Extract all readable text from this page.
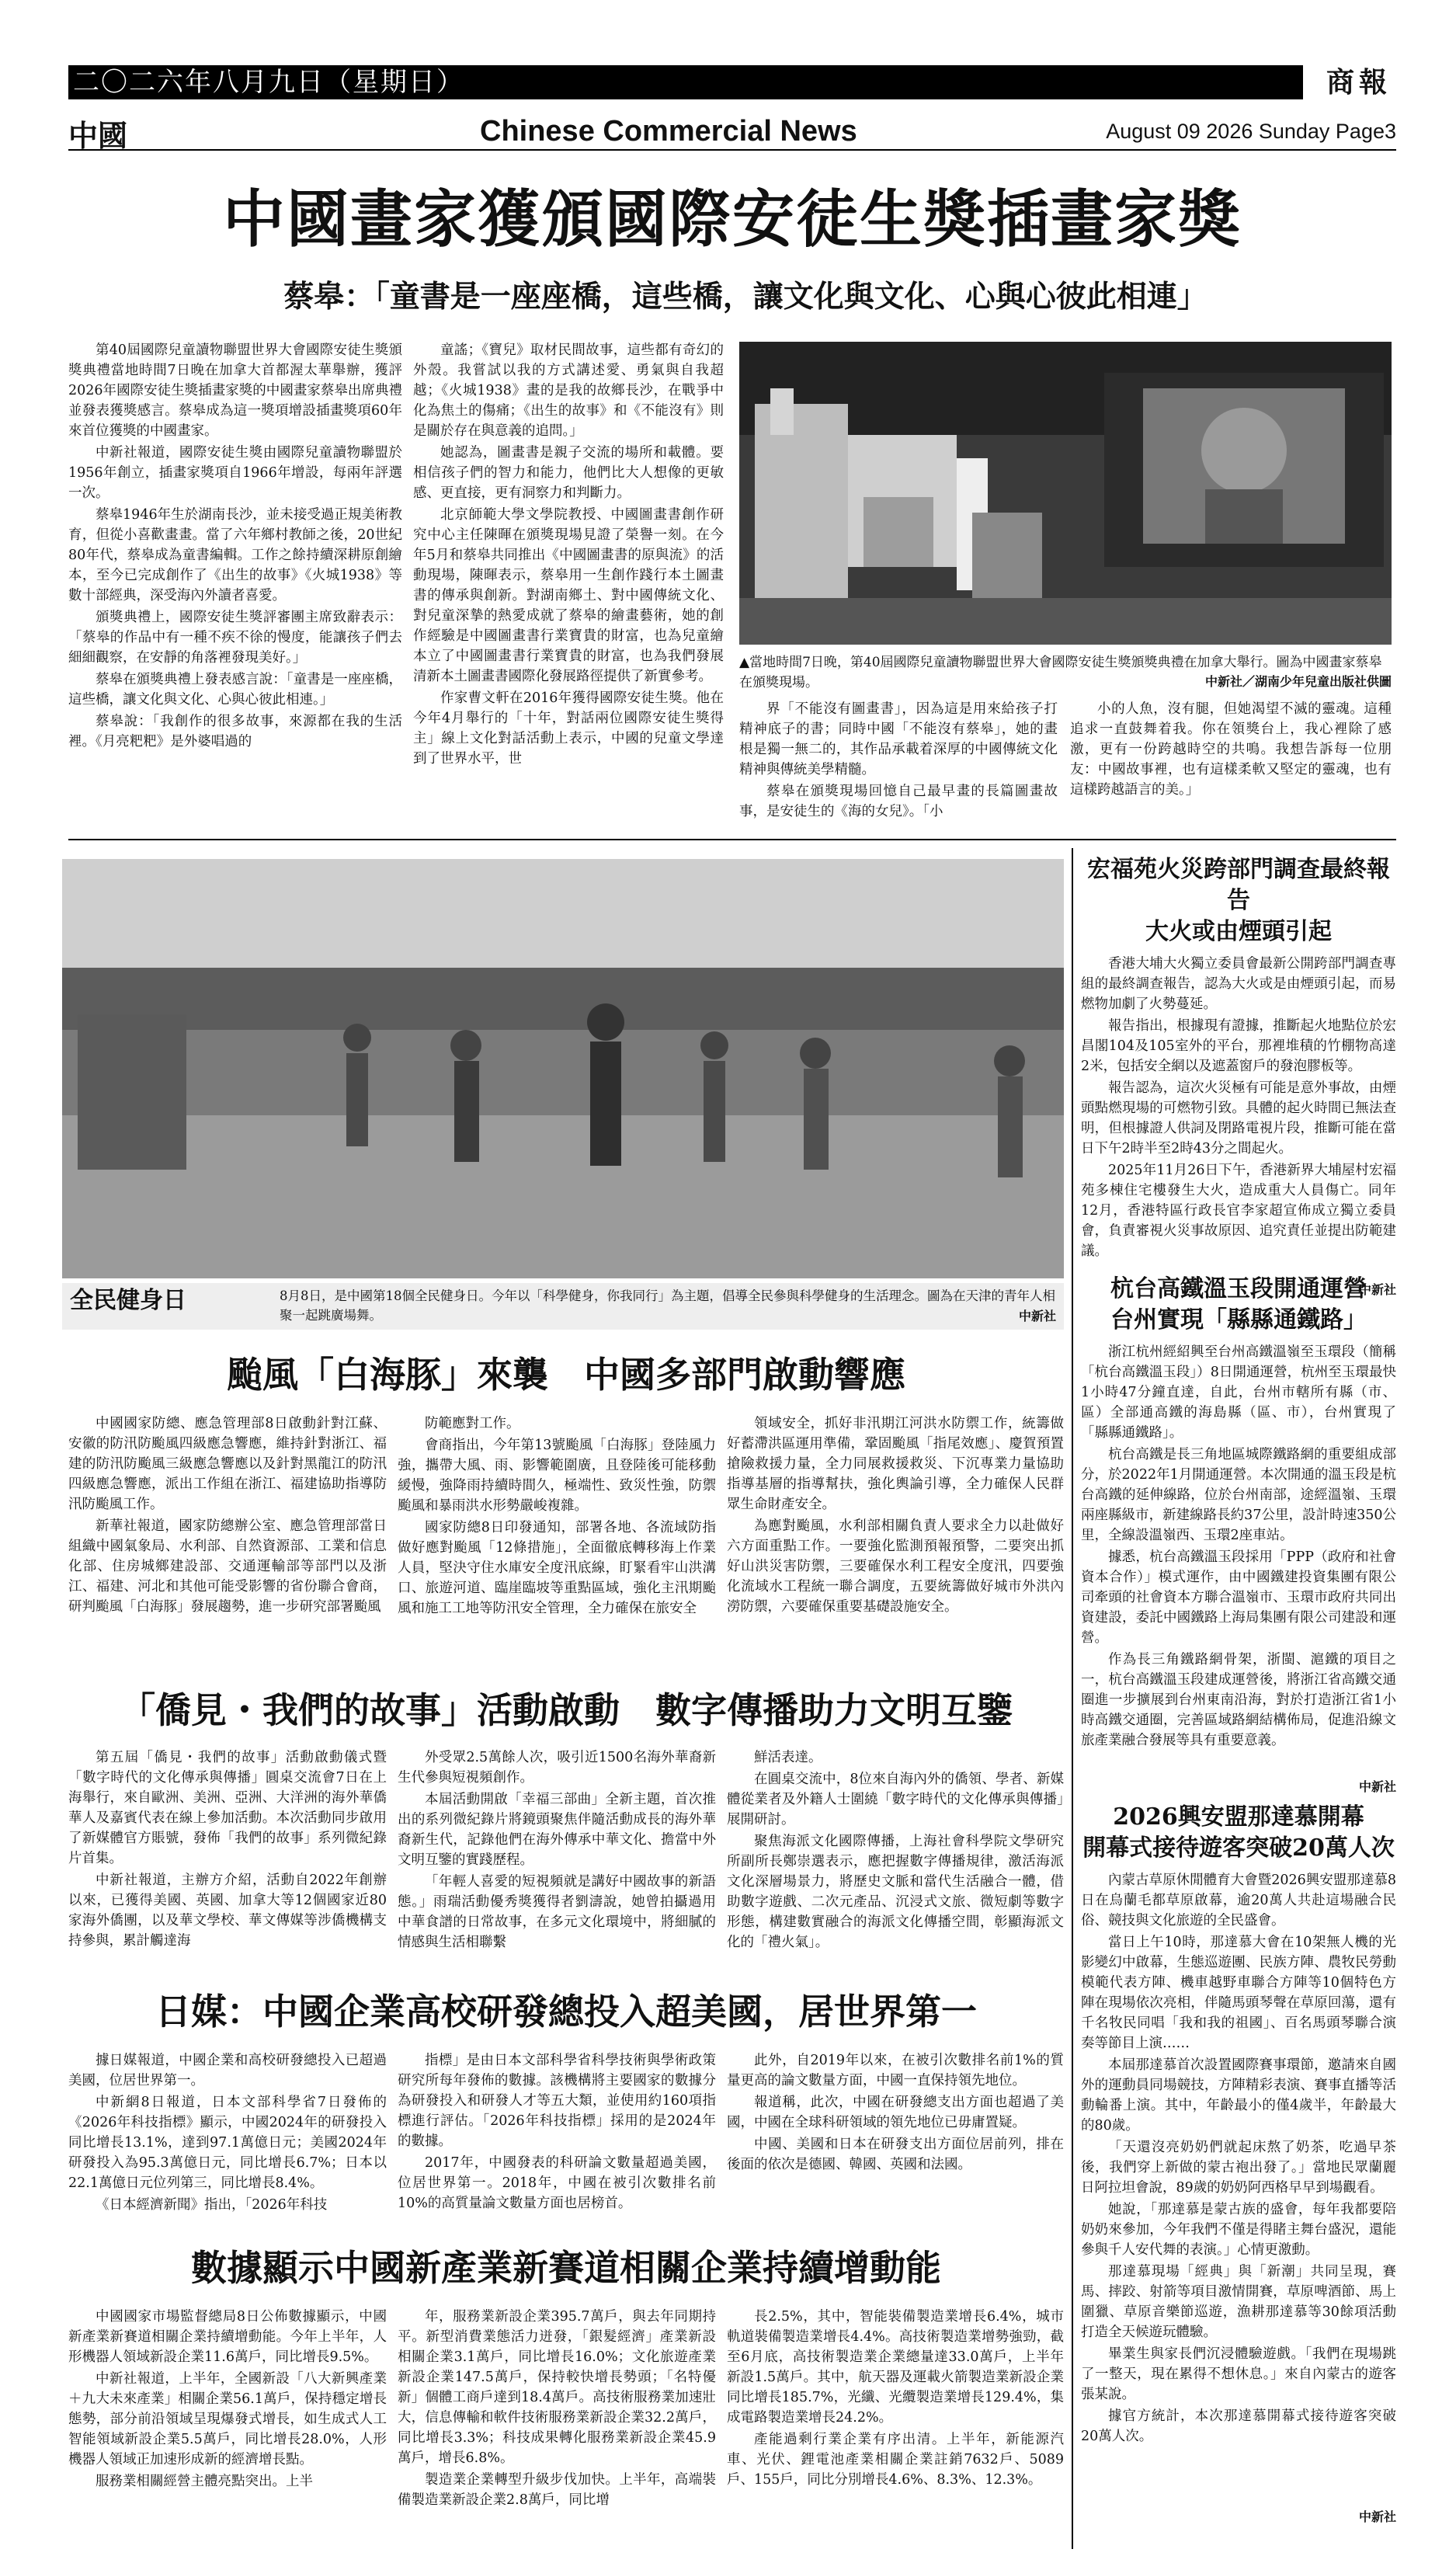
二〇二六年八月九日（星期日）	商報
中國	Chinese Commercial News	August 09 2026 Sunday Page3
中國畫家獲頒國際安徒生獎插畫家獎
蔡皋：「童書是一座座橋，這些橋，讓文化與文化、心與心彼此相連」

第40屆國際兒童讀物聯盟世界大會國際安徒生獎頒獎典禮當地時間7日晚在加拿大首都渥太華舉辦，獲評2026年國際安徒生獎插畫家獎的中國畫家蔡皋出席典禮並發表獲獎感言。蔡皋成為這一獎項增設插畫獎項60年來首位獲獎的中國畫家。

中新社報道，國際安徒生獎由國際兒童讀物聯盟於1956年創立，插畫家獎項自1966年增設，每兩年評選一次。

蔡皋1946年生於湖南長沙，並未接受過正規美術教育，但從小喜歡畫畫。當了六年鄉村教師之後，20世紀80年代，蔡皋成為童書編輯。工作之餘持續深耕原創繪本，至今已完成創作了《出生的故事》《火城1938》等數十部經典，深受海內外讀者喜愛。

頒獎典禮上，國際安徒生獎評審團主席致辭表示：「蔡皋的作品中有一種不疾不徐的慢度，能讓孩子們去細細觀察，在安靜的角落裡發現美好。」

蔡皋在頒獎典禮上發表感言說：「童書是一座座橋，這些橋，讓文化與文化、心與心彼此相連。」

蔡皋說：「我創作的很多故事，來源都在我的生活裡。《月亮粑粑》是外婆唱過的

童謠；《寶兒》取材民間故事，這些都有奇幻的外殼。我嘗試以我的方式講述愛、勇氣與自我超越；《火城1938》畫的是我的故鄉長沙，在戰爭中化為焦土的傷痛；《出生的故事》和《不能沒有》則是關於存在與意義的追問。」

她認為，圖畫書是親子交流的場所和載體。要相信孩子們的智力和能力，他們比大人想像的更敏感、更直接，更有洞察力和判斷力。

北京師範大學文學院教授、中國圖畫書創作研究中心主任陳暉在頒獎現場見證了榮譽一刻。在今年5月和蔡皋共同推出《中國圖畫書的原與流》的活動現場，陳暉表示，蔡皋用一生創作踐行本土圖畫書的傳承與創新。對湖南鄉土、對中國傳統文化、對兒童深摯的熱愛成就了蔡皋的繪畫藝術，她的創作經驗是中國圖畫書行業寶貴的財富，也為兒童繪本立了中國圖畫書行業寶貴的財富，也為我們發展清新本土圖畫書國際化發展路徑提供了新實參考。

作家曹文軒在2016年獲得國際安徒生獎。他在今年4月舉行的「十年，對話兩位國際安徒生獎得主」線上文化對話活動上表示，中國的兒童文學達到了世界水平，世

▲當地時間7日晚，第40屆國際兒童讀物聯盟世界大會國際安徒生獎頒獎典禮在加拿大舉行。圖為中國畫家蔡皋在頒獎現場。	中新社／湖南少年兒童出版社供圖

界「不能沒有圖畫書」，因為這是用來給孩子打精神底子的書；同時中國「不能沒有蔡皋」，她的畫根是獨一無二的，其作品承載着深厚的中國傳統文化精神與傳統美學精髓。

蔡皋在頒獎現場回憶自己最早畫的長篇圖畫故事，是安徒生的《海的女兒》。「小

小的人魚，沒有腿，但她渴望不滅的靈魂。這種追求一直鼓舞着我。你在領獎台上，我心裡除了感激，更有一份跨越時空的共鳴。我想告訴每一位朋友：中國故事裡，也有這樣柔軟又堅定的靈魂，也有這樣跨越語言的美。」

全民健身日	8月8日，是中國第18個全民健身日。今年以「科學健身，你我同行」為主題，倡導全民參與科學健身的生活理念。圖為在天津的青年人相聚一起跳廣場舞。	中新社
颱風「白海豚」來襲　中國多部門啟動響應

中國國家防總、應急管理部8日啟動針對江蘇、安徽的防汛防颱風四級應急響應，維持針對浙江、福建的防汛防颱風三級應急響應以及針對黑龍江的防汛四級應急響應，派出工作組在浙江、福建協助指導防汛防颱風工作。

新華社報道，國家防總辦公室、應急管理部當日組織中國氣象局、水利部、自然資源部、工業和信息化部、住房城鄉建設部、交通運輸部等部門以及浙江、福建、河北和其他可能受影響的省份聯合會商，研判颱風「白海豚」發展趨勢，進一步研究部署颱風

防範應對工作。

會商指出，今年第13號颱風「白海豚」登陸風力強，攜帶大風、雨、影響範圍廣，且登陸後可能移動緩慢，強降雨持續時間久，極端性、致災性強，防禦颱風和暴雨洪水形勢嚴峻複雜。

國家防總8日印發通知，部署各地、各流域防指做好應對颱風「12條措施」，全面徹底轉移海上作業人員，堅決守住水庫安全度汛底線，盯緊看牢山洪溝口、旅遊河道、臨崖臨坡等重點區域，強化主汛期颱風和施工工地等防汛安全管理，全力確保在旅安全

領域安全，抓好非汛期江河洪水防禦工作，統籌做好蓄滯洪區運用準備，鞏固颱風「指尾效應」、慶賀預置搶險救援力量，全力同展救援救災、下沉專業力量協助指導基層的指導幫扶，強化輿論引導，全力確保人民群眾生命財產安全。

為應對颱風，水利部相關負責人要求全力以赴做好六方面重點工作。一要強化監測預報預警，二要突出抓好山洪災害防禦，三要確保水利工程安全度汛，四要強化流域水工程統一聯合調度，五要統籌做好城市外洪內澇防禦，六要確保重要基礎設施安全。

「僑見・我們的故事」活動啟動　數字傳播助力文明互鑒

第五屆「僑見・我們的故事」活動啟動儀式暨「數字時代的文化傳承與傳播」圓桌交流會7日在上海舉行，來自歐洲、美洲、亞洲、大洋洲的海外華僑華人及嘉賓代表在線上參加活動。本次活動同步啟用了新媒體官方賬號，發佈「我們的故事」系列微紀錄片首集。

中新社報道，主辦方介紹，活動自2022年創辦以來，已獲得美國、英國、加拿大等12個國家近80家海外僑團，以及華文學校、華文傳媒等涉僑機構支持參與，累計觸達海

外受眾2.5萬餘人次，吸引近1500名海外華裔新生代參與短視頻創作。

本屆活動開啟「幸福三部曲」全新主題，首次推出的系列微紀錄片將鏡頭聚焦伴隨活動成長的海外華裔新生代，記錄他們在海外傳承中華文化、擔當中外文明互鑒的實踐歷程。

「年輕人喜愛的短視頻就是講好中國故事的新語態。」雨瑞活動優秀獎獲得者劉濤說，她曾拍攝過用中華食譜的日常故事，在多元文化環境中，將細膩的情感與生活相聯繫

鮮活表達。

在圓桌交流中，8位來自海內外的僑領、學者、新媒體從業者及外籍人士圍繞「數字時代的文化傳承與傳播」展開研討。

聚焦海派文化國際傳播，上海社會科學院文學研究所副所長鄭崇選表示，應把握數字傳播規律，激活海派文化深層場景力，將歷史文脈和當代生活融合一體，借助數字遊戲、二次元產品、沉浸式文旅、微短劇等數字形態，構建數實融合的海派文化傳播空間，彰顯海派文化的「禮火氣」。

日媒：中國企業高校研發總投入超美國，居世界第一

據日媒報道，中國企業和高校研發總投入已超過美國，位居世界第一。

中新網8日報道，日本文部科學省7日發佈的《2026年科技指標》顯示，中國2024年的研發投入同比增長13.1%，達到97.1萬億日元；美國2024年研發投入為95.3萬億日元，同比增長6.7%；日本以22.1萬億日元位列第三，同比增長8.4%。

《日本經濟新聞》指出，「2026年科技

指標」是由日本文部科學省科學技術與學術政策研究所每年發佈的數據。該機構將主要國家的數據分為研發投入和研發人才等五大類，並使用約160項指標進行評估。「2026年科技指標」採用的是2024年的數據。

2017年，中國發表的科研論文數量超過美國，位居世界第一。2018年，中國在被引次數排名前10%的高質量論文數量方面也居榜首。

此外，自2019年以來，在被引次數排名前1%的質量更高的論文數量方面，中國一直保持領先地位。

報道稱，此次，中國在研發總支出方面也超過了美國，中國在全球科研領域的領先地位已毋庸置疑。

中國、美國和日本在研發支出方面位居前列，排在後面的依次是德國、韓國、英國和法國。

數據顯示中國新產業新賽道相關企業持續增動能

中國國家市場監督總局8日公佈數據顯示，中國新產業新賽道相關企業持續增動能。今年上半年，人形機器人領域新設企業11.6萬戶，同比增長9.5%。

中新社報道，上半年，全國新設「八大新興產業＋九大未來產業」相關企業56.1萬戶，保持穩定增長態勢，部分前沿領域呈現爆發式增長，如生成式人工智能領域新設企業5.5萬戶，同比增長28.0%，人形機器人領域正加速形成新的經濟增長點。

服務業相關經營主體亮點突出。上半

年，服務業新設企業395.7萬戶，與去年同期持平。新型消費業態活力迸發，「銀髮經濟」產業新設相關企業3.1萬戶，同比增長16.0%；文化旅遊產業新設企業147.5萬戶，保持較快增長勢頭；「名特優新」個體工商戶達到18.4萬戶。高技術服務業加速壯大，信息傳輸和軟件技術服務業新設企業32.2萬戶，同比增長3.3%；科技成果轉化服務業新設企業45.9萬戶，增長6.8%。

製造業企業轉型升級步伐加快。上半年，高端裝備製造業新設企業2.8萬戶，同比增

長2.5%，其中，智能裝備製造業增長6.4%，城市軌道裝備製造業增長4.4%。高技術製造業增勢強勁，截至6月底，高技術製造業企業總量達33.0萬戶，上半年新設1.5萬戶。其中，航天器及運載火箭製造業新設企業同比增長185.7%，光纖、光纜製造業增長129.4%，集成電路製造業增長24.2%。

產能過剩行業企業有序出清。上半年，新能源汽車、光伏、鋰電池產業相關企業註銷7632戶、5089戶、155戶，同比分別增長4.6%、8.3%、12.3%。

宏福苑火災跨部門調查最終報告
大火或由煙頭引起

香港大埔大火獨立委員會最新公開跨部門調查專組的最終調查報告，認為大火或是由煙頭引起，而易燃物加劇了火勢蔓延。

報告指出，根據現有證據，推斷起火地點位於宏昌閣104及105室外的平台，那裡堆積的竹棚物高達2米，包括安全網以及遮蓋窗戶的發泡膠板等。

報告認為，這次火災極有可能是意外事故，由煙頭點燃現場的可燃物引致。具體的起火時間已無法查明，但根據證人供詞及閉路電視片段，推斷可能在當日下午2時半至2時43分之間起火。

2025年11月26日下午，香港新界大埔屋村宏福苑多棟住宅樓發生大火，造成重大人員傷亡。同年12月，香港特區行政長官李家超宣佈成立獨立委員會，負責審視火災事故原因、追究責任並提出防範建議。

中新社
杭台高鐵溫玉段開通運營
台州實現「縣縣通鐵路」

浙江杭州經紹興至台州高鐵溫嶺至玉環段（簡稱「杭台高鐵溫玉段」）8日開通運營，杭州至玉環最快1小時47分鐘直達，自此，台州市轄所有縣（市、區）全部通高鐵的海島縣（區、市），台州實現了「縣縣通鐵路」。

杭台高鐵是長三角地區城際鐵路網的重要組成部分，於2022年1月開通運營。本次開通的溫玉段是杭台高鐵的延伸線路，位於台州南部，途經溫嶺、玉環兩座縣級市，新建線路長約37公里，設計時速350公里，全線設溫嶺西、玉環2座車站。

據悉，杭台高鐵溫玉段採用「PPP（政府和社會資本合作）」模式運作，由中國鐵建投資集團有限公司牽頭的社會資本方聯合溫嶺市、玉環市政府共同出資建設，委託中國鐵路上海局集團有限公司建設和運營。

作為長三角鐵路網骨架，浙閩、滬鐵的項目之一，杭台高鐵溫玉段建成運營後，將浙江省高鐵交通圈進一步擴展到台州東南沿海，對於打造浙江省1小時高鐵交通圈，完善區域路網結構佈局，促進沿線文旅產業融合發展等具有重要意義。

中新社
2026興安盟那達慕開幕
開幕式接待遊客突破20萬人次

內蒙古草原休閒體育大會暨2026興安盟那達慕8日在烏蘭毛都草原啟幕，逾20萬人共赴這場融合民俗、競技與文化旅遊的全民盛會。

當日上午10時，那達慕大會在10架無人機的光影變幻中啟幕，生態巡遊團、民族方陣、農牧民勞動模範代表方陣、機車越野車聯合方陣等10個特色方陣在現場依次亮相，伴隨馬頭琴聲在草原回蕩，還有千名牧民同唱「我和我的祖國」、百名馬頭琴聯合演奏等節目上演……

本屆那達慕首次設置國際賽事環節，邀請來自國外的運動員同場競技，方陣精彩表演、賽事直播等活動輪番上演。其中，年齡最小的僅4歲半，年齡最大的80歲。

「天還沒亮奶奶們就起床熬了奶茶，吃過早茶後，我們穿上新做的蒙古袍出發了。」當地民眾蘭麗日阿拉坦會說，89歲的奶奶阿西格早早到場觀看。

她說，「那達慕是蒙古族的盛會，每年我都要陪奶奶來參加，今年我們不僅是得睹主舞台盛況，還能參與千人安代舞的表演。」心情更激動。

那達慕現場「經典」與「新潮」共同呈現，賽馬、摔跤、射箭等項目激情開賽，草原啤酒節、馬上圍獵、草原音樂節巡遊，漁耕那達慕等30餘項活動打造全天候遊玩體驗。

畢業生與家長們沉浸體驗遊戲。「我們在現場跳了一整天，現在累得不想休息。」來自內蒙古的遊客張某說。

據官方統計，本次那達慕開幕式接待遊客突破20萬人次。

中新社
